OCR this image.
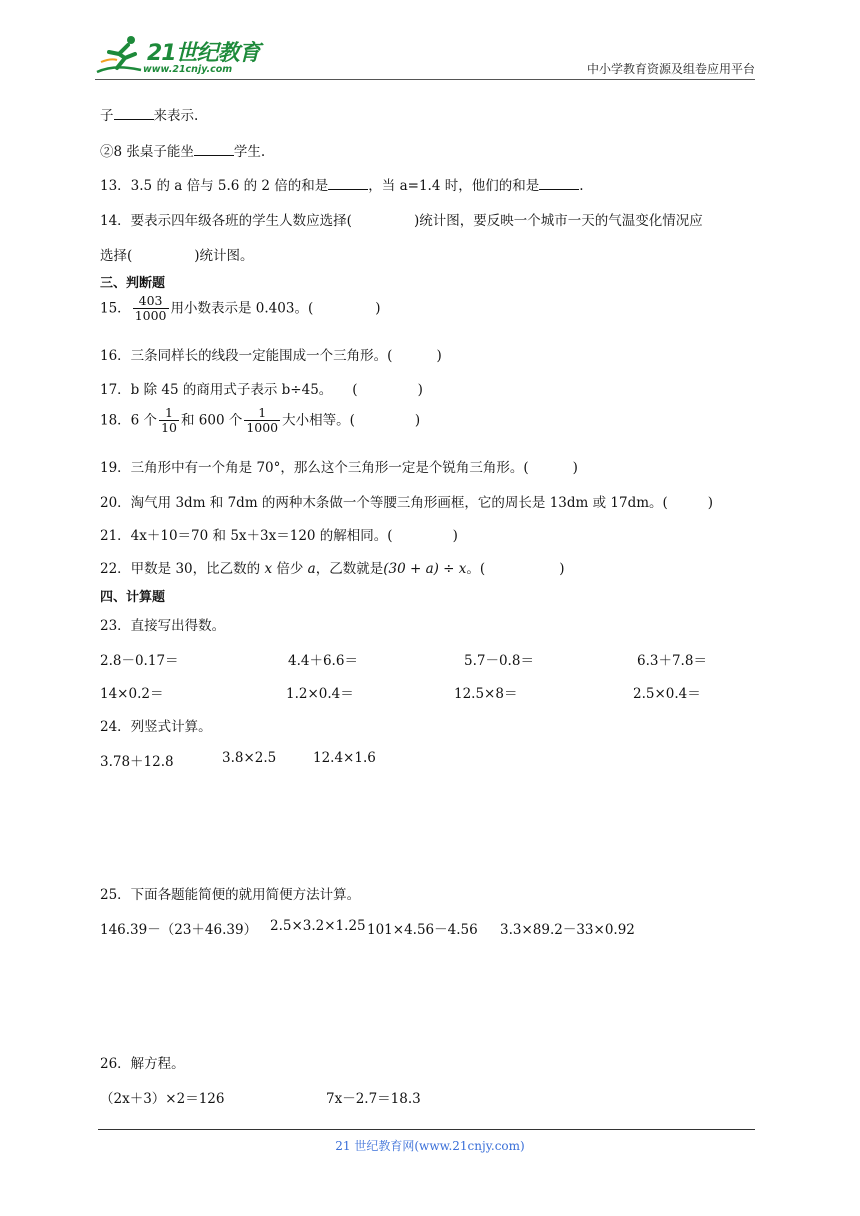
21世纪教育
www.21cnjy.com	中小学教育资源及组卷应用平台
子	来表示.
②8 张桌子能坐	学生.
13．3.5 的 a 倍与 5.6 的 2 倍的和是	，当 a=1.4 时，他们的和是	.
14．要表示四年级各班的学生人数应选择(	)统计图，要反映一个城市一天的气温变化情况应
选择(	)统计图。
三、判断题
15． $\frac{403}{1000}$ 用小数表示是 0.403。(	)
16．三条同样长的线段一定能围成一个三角形。(	)
17．b 除 45 的商用式子表示 b÷45。 (	)
18．6 个 $\frac{1}{10}$ 和 600 个 $\frac{1}{1000}$ 大小相等。(	)
19．三角形中有一个角是 70°，那么这个三角形一定是个锐角三角形。(	)
20．淘气用 3dm 和 7dm 的两种木条做一个等腰三角形画框，它的周长是 13dm 或 17dm。(	)
21．4x＋10＝70 和 5x＋3x＝120 的解相同。(	)
22．甲数是 30，比乙数的 x 倍少 a，乙数就是(30 + a) ÷ x。(	)
四、计算题
23．直接写出得数。
2.8－0.17＝	4.4＋6.6＝	5.7－0.8＝	6.3＋7.8＝
14×0.2＝	1.2×0.4＝	12.5×8＝	2.5×0.4＝
24．列竖式计算。
3.78＋12.8	3.8×2.5	12.4×1.6
25．下面各题能简便的就用简便方法计算。
146.39－（23＋46.39） 2.5×3.2×1.25 101×4.56－4.56 3.3×89.2－33×0.92
26．解方程。
（2x＋3）×2＝126	7x－2.7＝18.3
21 世纪教育网(www.21cnjy.com)
